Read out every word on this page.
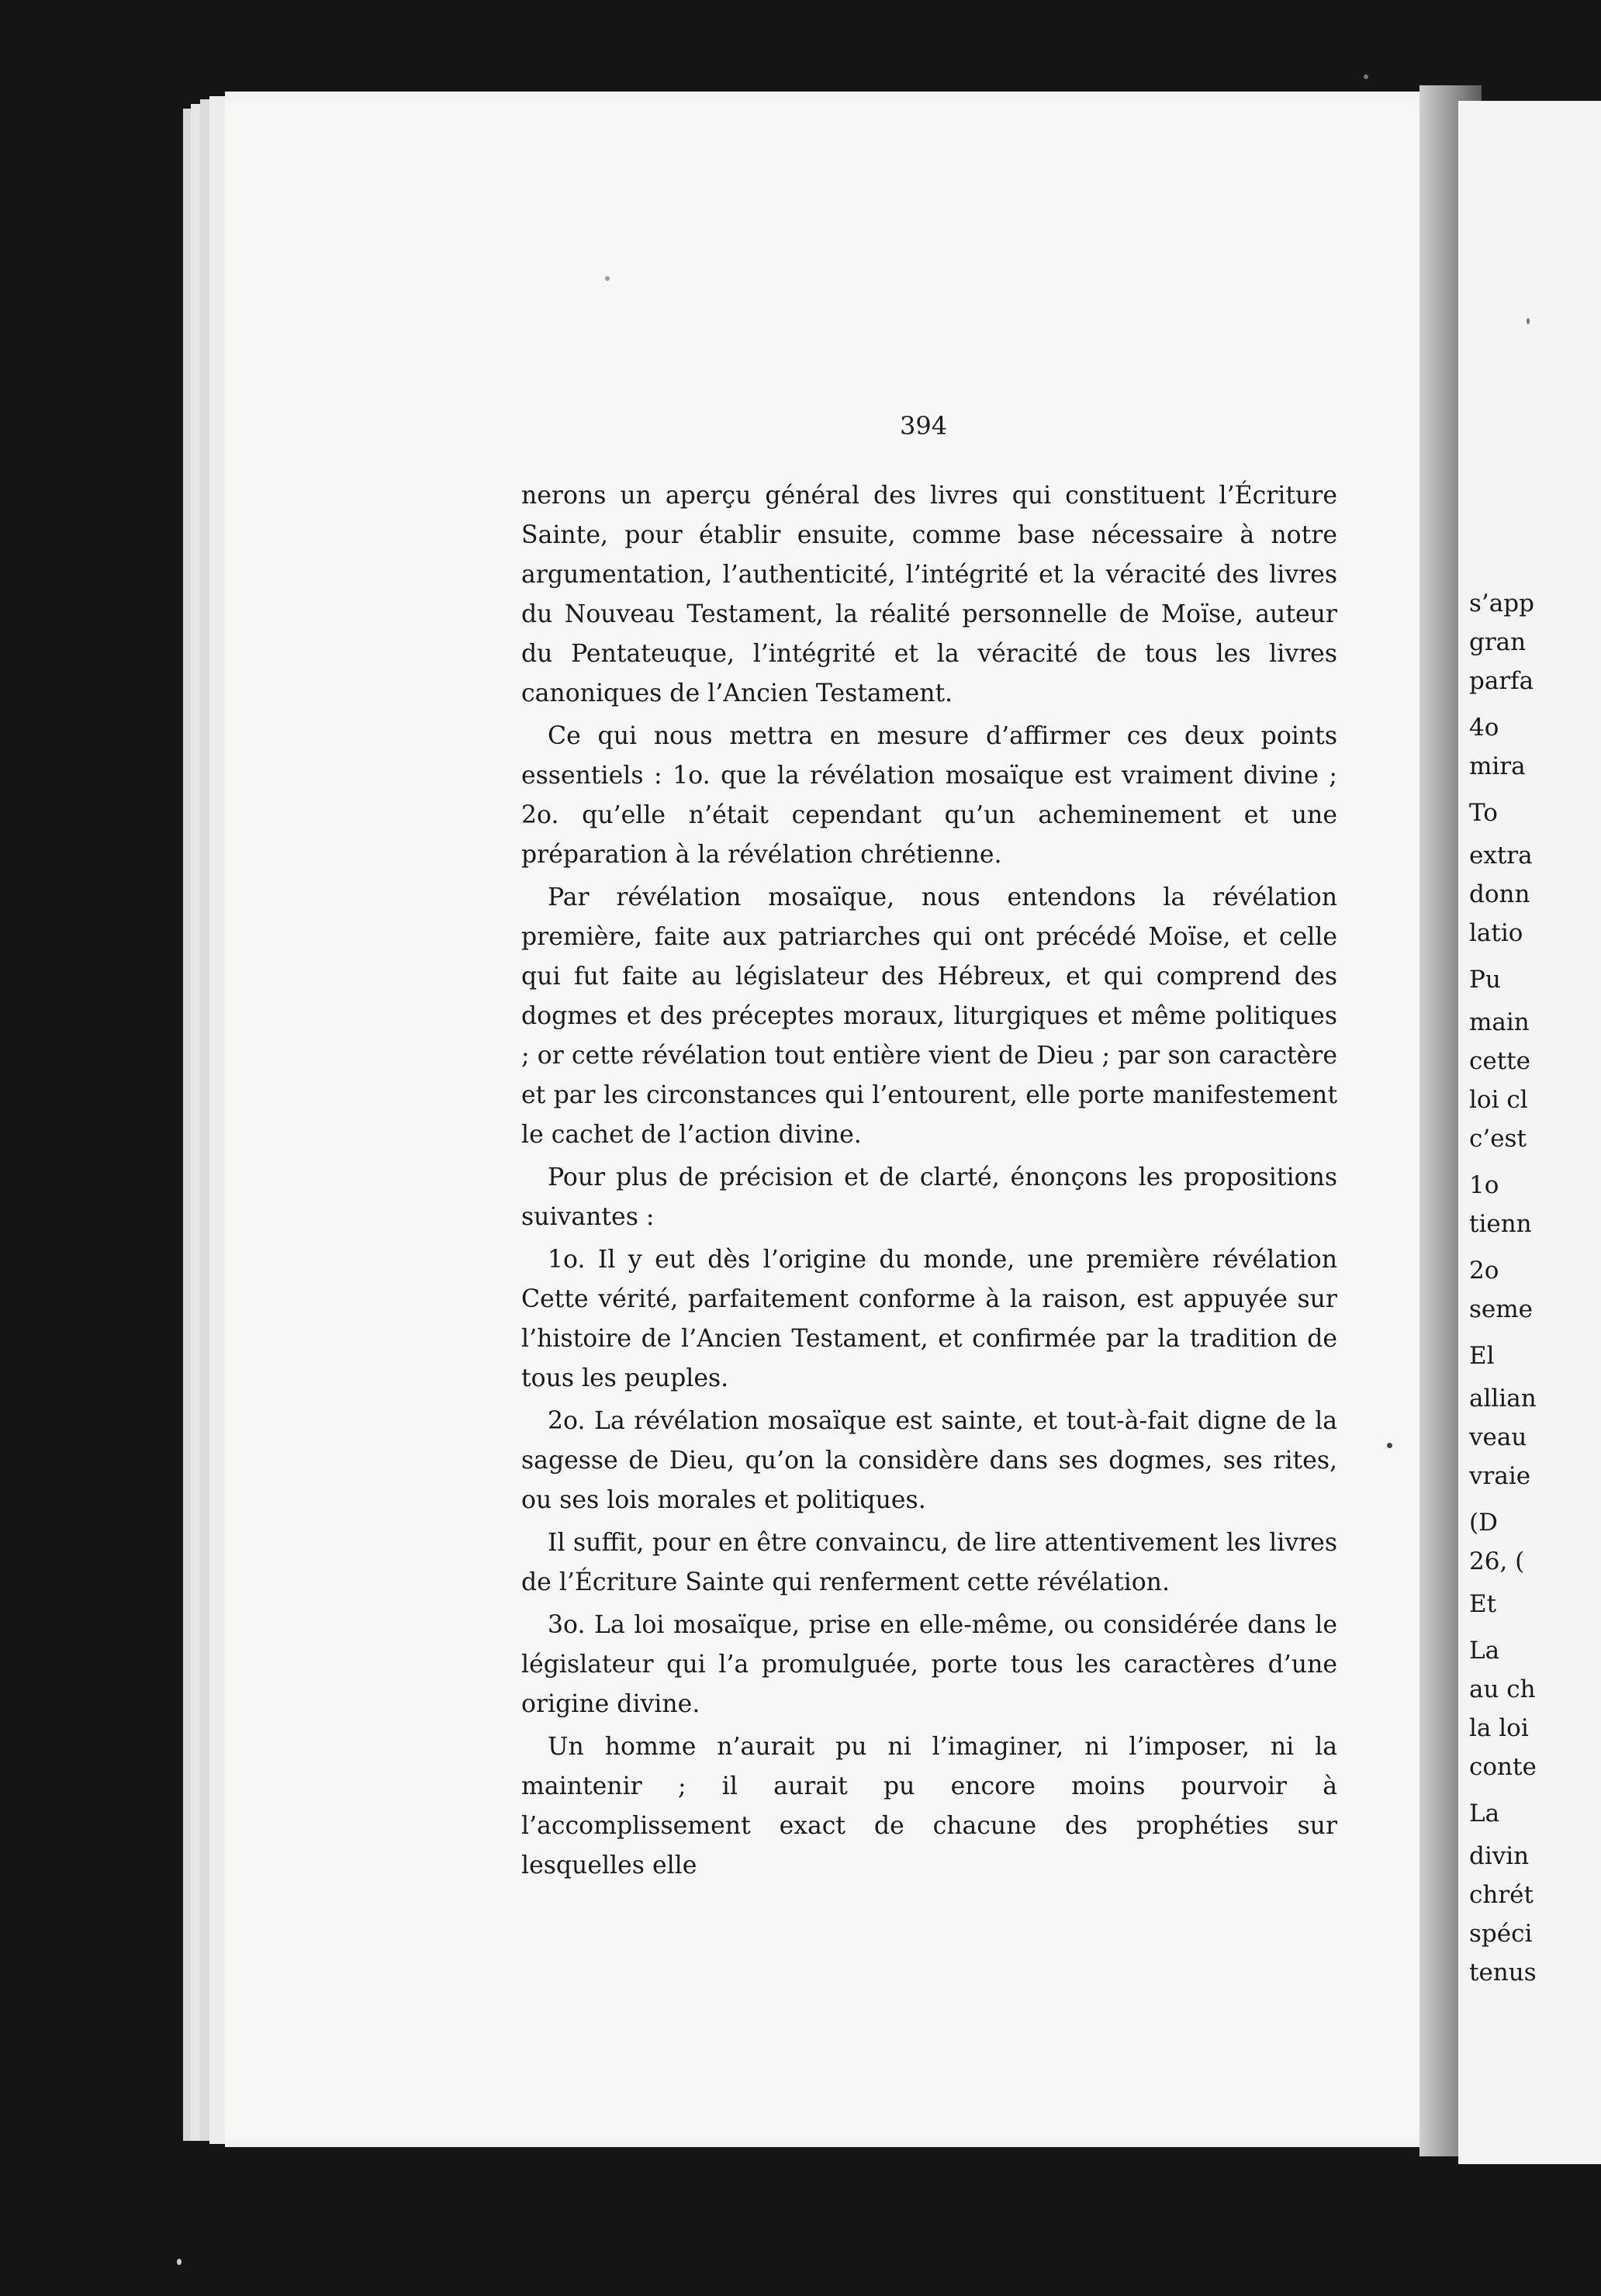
s’app
gran
parfa
4o
mira
To
extra
donn
latio
Pu
main
cette
loi cl
c’est
1o
tienn
2o
seme
El
allian
veau
vraie
(D
26, (
Et
La
au ch
la loi
conte
La
divin
chrét
spéci
tenus
394

nerons un aperçu général des livres qui constituent l’Écriture Sainte, pour établir ensuite, comme base nécessaire à notre argumentation, l’authenticité, l’intégrité et la véracité des livres du Nouveau Testament, la réalité personnelle de Moïse, auteur du Pentateuque, l’intégrité et la véracité de tous les livres canoniques de l’Ancien Testament.

Ce qui nous mettra en mesure d’affirmer ces deux points essentiels : 1o. que la révélation mosaïque est vraiment divine ; 2o. qu’elle n’était cependant qu’un acheminement et une préparation à la révélation chrétienne.

Par révélation mosaïque, nous entendons la révélation première, faite aux patriarches qui ont précédé Moïse, et celle qui fut faite au législateur des Hébreux, et qui comprend des dogmes et des préceptes moraux, liturgiques et même politiques ; or cette révélation tout entière vient de Dieu ; par son caractère et par les circonstances qui l’entourent, elle porte manifestement le cachet de l’action divine.

Pour plus de précision et de clarté, énonçons les propositions suivantes :

1o. Il y eut dès l’origine du monde, une première révélation Cette vérité, parfaitement conforme à la raison, est appuyée sur l’histoire de l’Ancien Testament, et confirmée par la tradition de tous les peuples.

2o. La révélation mosaïque est sainte, et tout-à-fait digne de la sagesse de Dieu, qu’on la considère dans ses dogmes, ses rites, ou ses lois morales et politiques.

Il suffit, pour en être convaincu, de lire attentivement les livres de l’Écriture Sainte qui renferment cette révélation.

3o. La loi mosaïque, prise en elle-même, ou considérée dans le législateur qui l’a promulguée, porte tous les caractères d’une origine divine.

Un homme n’aurait pu ni l’imaginer, ni l’imposer, ni la maintenir ; il aurait pu encore moins pourvoir à l’accomplissement exact de chacune des prophéties sur lesquelles elle
